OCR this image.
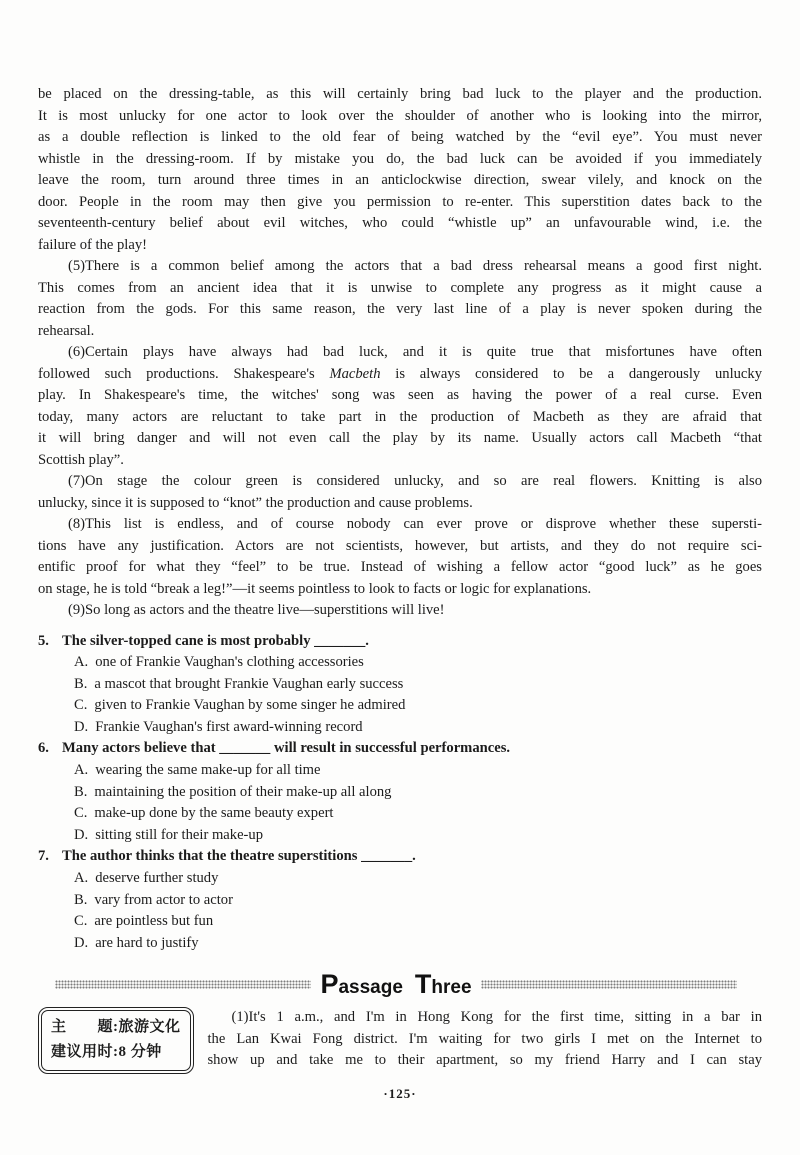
be placed on the dressing-table, as this will certainly bring bad luck to the player and the production.
It is most unlucky for one actor to look over the shoulder of another who is looking into the mirror,
as a double reflection is linked to the old fear of being watched by the “evil eye”. You must never
whistle in the dressing-room. If by mistake you do, the bad luck can be avoided if you immediately
leave the room, turn around three times in an anticlockwise direction, swear vilely, and knock on the
door. People in the room may then give you permission to re-enter. This superstition dates back to the
seventeenth-century belief about evil witches, who could “whistle up” an unfavourable wind, i.e. the
failure of the play!
(5)There is a common belief among the actors that a bad dress rehearsal means a good first night.
This comes from an ancient idea that it is unwise to complete any progress as it might cause a
reaction from the gods. For this same reason, the very last line of a play is never spoken during the
rehearsal.
(6)Certain plays have always had bad luck, and it is quite true that misfortunes have often
followed such productions. Shakespeare's Macbeth is always considered to be a dangerously unlucky
play. In Shakespeare's time, the witches' song was seen as having the power of a real curse. Even
today, many actors are reluctant to take part in the production of Macbeth as they are afraid that
it will bring danger and will not even call the play by its name. Usually actors call Macbeth “that
Scottish play”.
(7)On stage the colour green is considered unlucky, and so are real flowers. Knitting is also
unlucky, since it is supposed to “knot” the production and cause problems.
(8)This list is endless, and of course nobody can ever prove or disprove whether these supersti-
tions have any justification. Actors are not scientists, however, but artists, and they do not require sci-
entific proof for what they “feel” to be true. Instead of wishing a fellow actor “good luck” as he goes
on stage, he is told “break a leg!”—it seems pointless to look to facts or logic for explanations.
(9)So long as actors and the theatre live—superstitions will live!
5. The silver-topped cane is most probably _______.
A. one of Frankie Vaughan's clothing accessories
B. a mascot that brought Frankie Vaughan early success
C. given to Frankie Vaughan by some singer he admired
D. Frankie Vaughan's first award-winning record
6. Many actors believe that _______ will result in successful performances.
A. wearing the same make-up for all time
B. maintaining the position of their make-up all along
C. make-up done by the same beauty expert
D. sitting still for their make-up
7. The author thinks that the theatre superstitions _______.
A. deserve further study
B. vary from actor to actor
C. are pointless but fun
D. are hard to justify
Passage Three
主　　题:旅游文化
建议用时:8 分钟
(1)It's 1 a.m., and I'm in Hong Kong for the first time, sitting in a bar in
the Lan Kwai Fong district. I'm waiting for two girls I met on the Internet to
show up and take me to their apartment, so my friend Harry and I can stay
·125·
